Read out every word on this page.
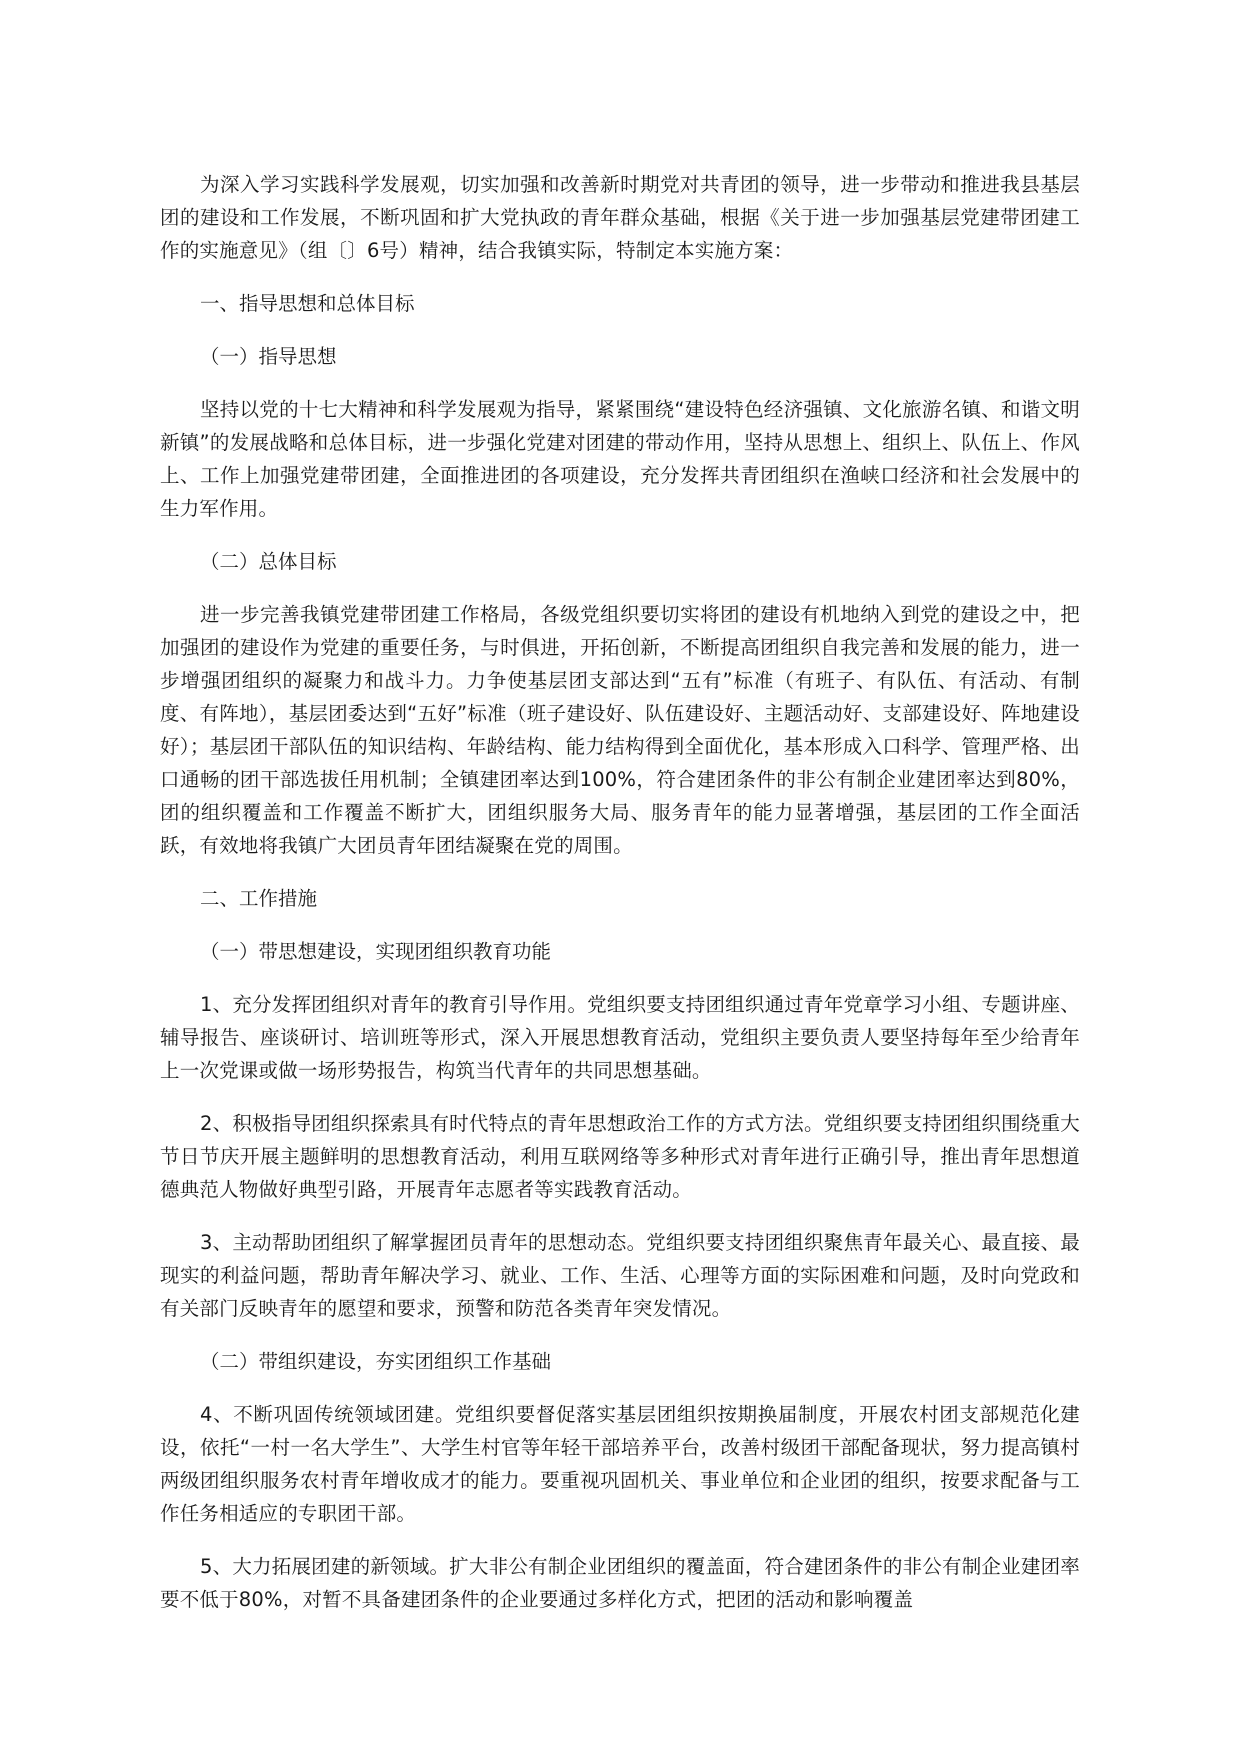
为深入学习实践科学发展观，切实加强和改善新时期党对共青团的领导，进一步带动和推进我县基层团的建设和工作发展，不断巩固和扩大党执政的青年群众基础，根据《关于进一步加强基层党建带团建工作的实施意见》（组〔〕6号）精神，结合我镇实际，特制定本实施方案：

一、指导思想和总体目标

（一）指导思想

坚持以党的十七大精神和科学发展观为指导，紧紧围绕“建设特色经济强镇、文化旅游名镇、和谐文明新镇”的发展战略和总体目标，进一步强化党建对团建的带动作用，坚持从思想上、组织上、队伍上、作风上、工作上加强党建带团建，全面推进团的各项建设，充分发挥共青团组织在渔峡口经济和社会发展中的生力军作用。

（二）总体目标

进一步完善我镇党建带团建工作格局，各级党组织要切实将团的建设有机地纳入到党的建设之中，把加强团的建设作为党建的重要任务，与时俱进，开拓创新，不断提高团组织自我完善和发展的能力，进一步增强团组织的凝聚力和战斗力。力争使基层团支部达到“五有”标准（有班子、有队伍、有活动、有制度、有阵地），基层团委达到“五好”标准（班子建设好、队伍建设好、主题活动好、支部建设好、阵地建设好）；基层团干部队伍的知识结构、年龄结构、能力结构得到全面优化，基本形成入口科学、管理严格、出口通畅的团干部选拔任用机制；全镇建团率达到100%，符合建团条件的非公有制企业建团率达到80%，团的组织覆盖和工作覆盖不断扩大，团组织服务大局、服务青年的能力显著增强，基层团的工作全面活跃，有效地将我镇广大团员青年团结凝聚在党的周围。

二、工作措施

（一）带思想建设，实现团组织教育功能

1、充分发挥团组织对青年的教育引导作用。党组织要支持团组织通过青年党章学习小组、专题讲座、辅导报告、座谈研讨、培训班等形式，深入开展思想教育活动，党组织主要负责人要坚持每年至少给青年上一次党课或做一场形势报告，构筑当代青年的共同思想基础。

2、积极指导团组织探索具有时代特点的青年思想政治工作的方式方法。党组织要支持团组织围绕重大节日节庆开展主题鲜明的思想教育活动，利用互联网络等多种形式对青年进行正确引导，推出青年思想道德典范人物做好典型引路，开展青年志愿者等实践教育活动。

3、主动帮助团组织了解掌握团员青年的思想动态。党组织要支持团组织聚焦青年最关心、最直接、最现实的利益问题，帮助青年解决学习、就业、工作、生活、心理等方面的实际困难和问题，及时向党政和有关部门反映青年的愿望和要求，预警和防范各类青年突发情况。

（二）带组织建设，夯实团组织工作基础

4、不断巩固传统领域团建。党组织要督促落实基层团组织按期换届制度，开展农村团支部规范化建设，依托“一村一名大学生”、大学生村官等年轻干部培养平台，改善村级团干部配备现状，努力提高镇村两级团组织服务农村青年增收成才的能力。要重视巩固机关、事业单位和企业团的组织，按要求配备与工作任务相适应的专职团干部。

5、大力拓展团建的新领域。扩大非公有制企业团组织的覆盖面，符合建团条件的非公有制企业建团率要不低于80%，对暂不具备建团条件的企业要通过多样化方式，把团的活动和影响覆盖
